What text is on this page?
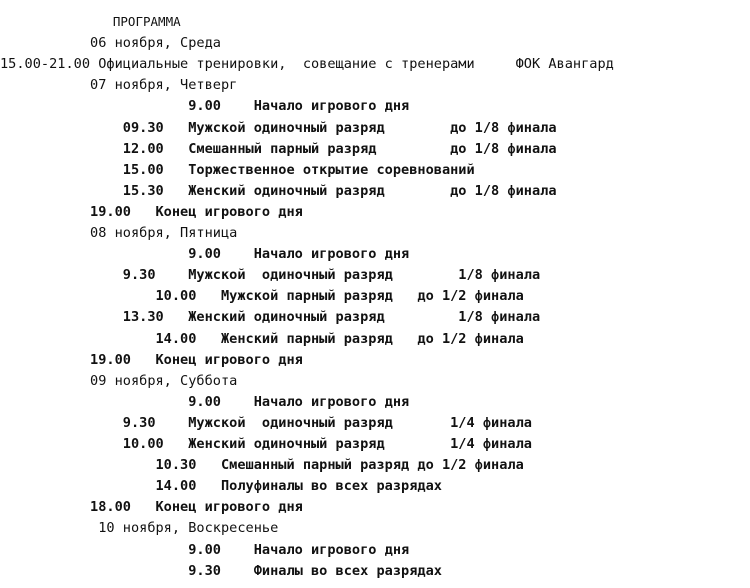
ПРОГРАММА
06 ноября, Среда
15.00-21.00 Официальные тренировки,  совещание с тренерами     ФОК Авангард
07 ноября, Четверг
9.00    Начало игрового дня
09.30   Мужской одиночный разряд        до 1/8 финала
12.00   Смешанный парный разряд         до 1/8 финала
15.00   Торжественное открытие соревнований
15.30   Женский одиночный разряд        до 1/8 финала
19.00   Конец игрового дня
08 ноября, Пятница
9.00    Начало игрового дня
9.30    Мужской  одиночный разряд        1/8 финала
10.00   Мужской парный разряд   до 1/2 финала
13.30   Женский одиночный разряд         1/8 финала
14.00   Женский парный разряд   до 1/2 финала
19.00   Конец игрового дня
09 ноября, Суббота
9.00    Начало игрового дня
9.30    Мужской  одиночный разряд       1/4 финала
10.00   Женский одиночный разряд        1/4 финала
10.30   Смешанный парный разряд до 1/2 финала
14.00   Полуфиналы во всех разрядах
18.00   Конец игрового дня
10 ноября, Воскресенье
9.00    Начало игрового дня
9.30    Финалы во всех разрядах
